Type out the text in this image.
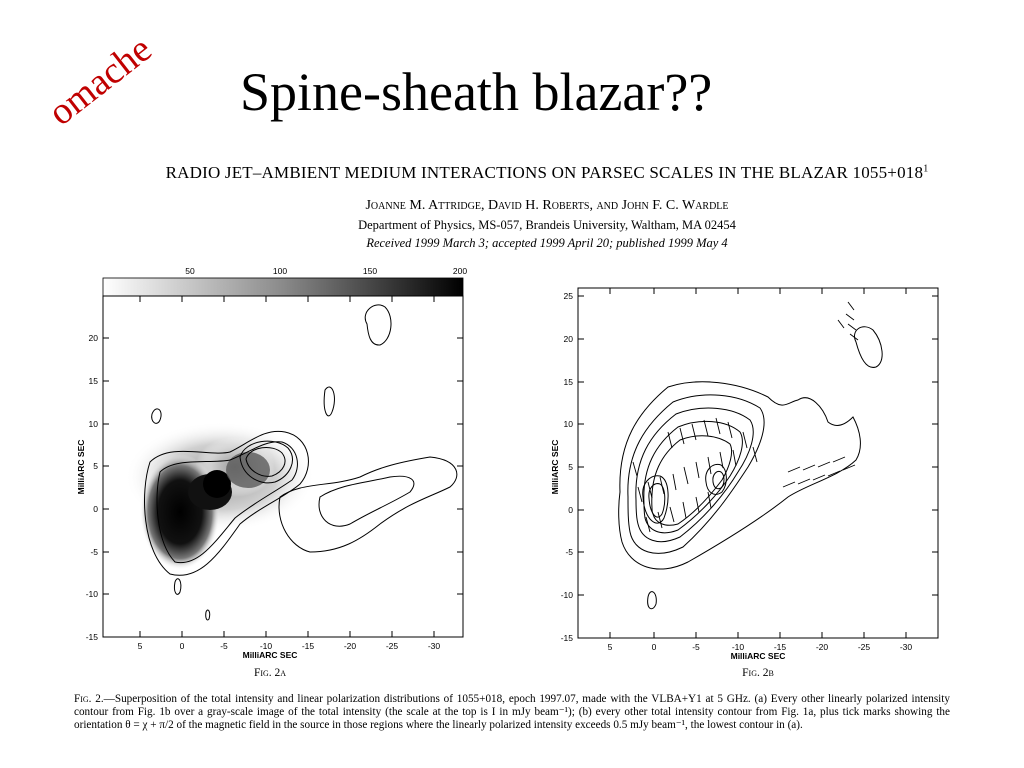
Spine-sheath blazar??
omache
RADIO JET–AMBIENT MEDIUM INTERACTIONS ON PARSEC SCALES IN THE BLAZAR $1055+018^1$
Joanne M. Attridge, David H. Roberts, and John F. C. Wardle
Department of Physics, MS-057, Brandeis University, Waltham, MA 02454
Received 1999 March 3; accepted 1999 April 20; published 1999 May 4
50	100	150	200
20
15
10
5
0
-5
-10
-15
MilliARC SEC
5	0	-5	-10	-15	-20	-25	-30
MilliARC SEC
Fig. 2a
25
20
15
10
5
0
-5
-10
-15
MilliARC SEC
5	0	-5	-10	-15	-20	-25	-30
MilliARC SEC
Fig. 2b
Fig. 2.—Superposition of the total intensity and linear polarization distributions of 1055+018, epoch 1997.07, made with the VLBA+Y1 at 5 GHz. (a) Every other linearly polarized intensity contour from Fig. 1b over a gray-scale image of the total intensity (the scale at the top is I in mJy beam⁻¹); (b) every other total intensity contour from Fig. 1a, plus tick marks showing the orientation θ = χ + π/2 of the magnetic field in the source in those regions where the linearly polarized intensity exceeds 0.5 mJy beam⁻¹, the lowest contour in (a).
